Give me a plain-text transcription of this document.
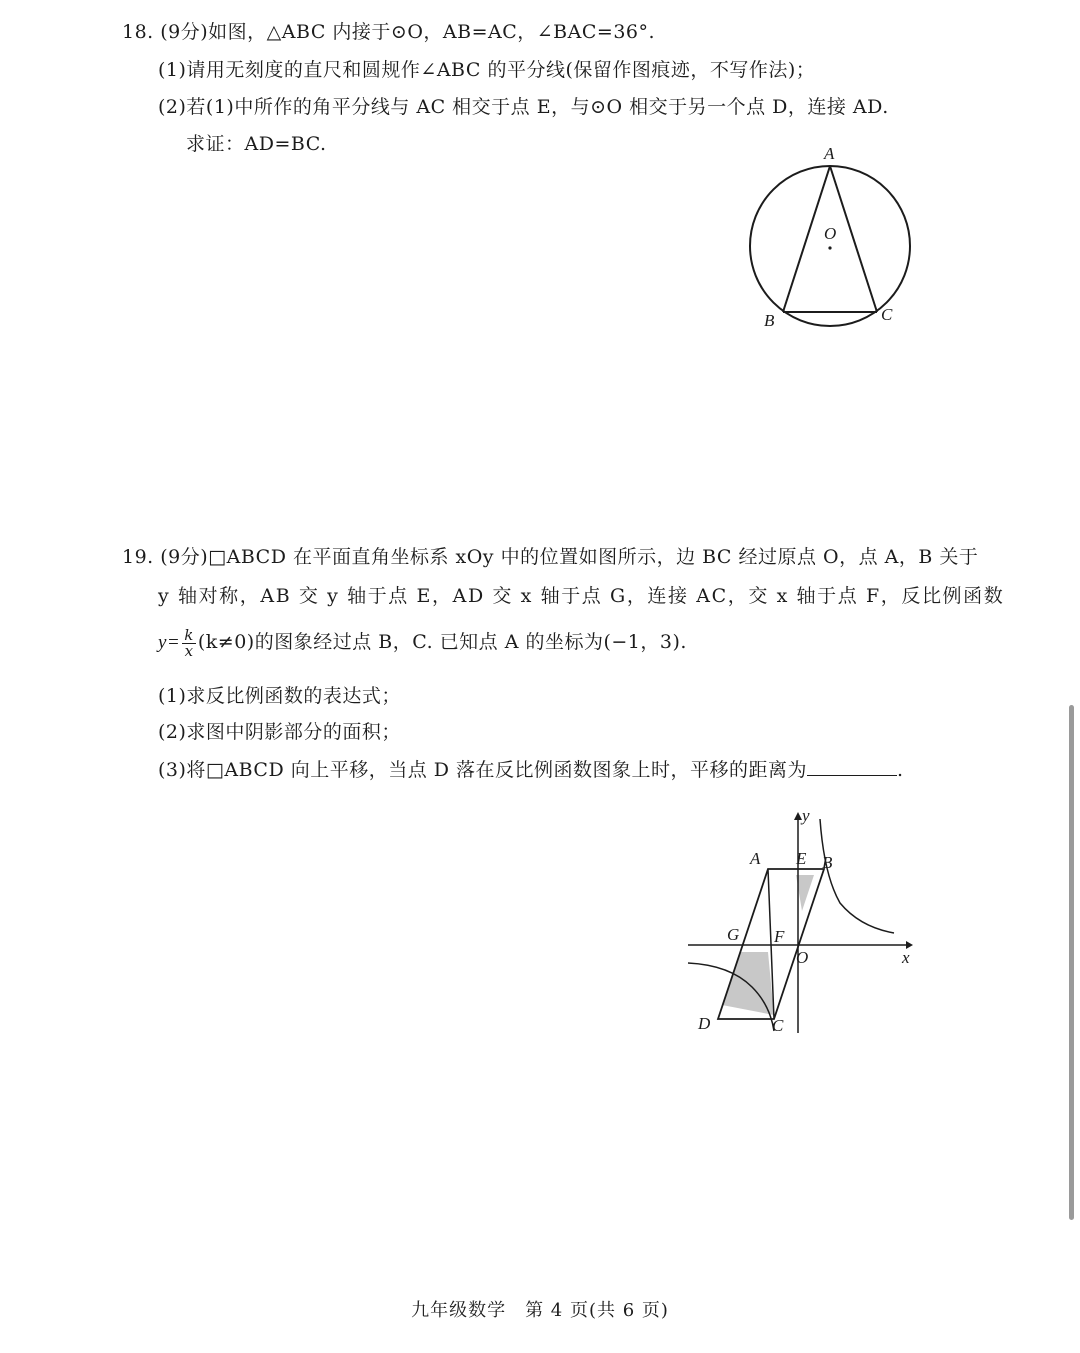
18. (9分)如图，△ABC 内接于⊙O，AB=AC，∠BAC=36°.
(1)请用无刻度的直尺和圆规作∠ABC 的平分线(保留作图痕迹，不写作法)；
(2)若(1)中所作的角平分线与 AC 相交于点 E，与⊙O 相交于另一个点 D，连接 AD.
求证：AD=BC.	A
O
B	C
19. (9分)□ABCD 在平面直角坐标系 xOy 中的位置如图所示，边 BC 经过原点 O，点 A，B 关于
y 轴对称，AB 交 y 轴于点 E，AD 交 x 轴于点 G，连接 AC，交 x 轴于点 F，反比例函数
$y= \frac{k}{x} (k\ne 0)$的图象经过点 B，C. 已知点 A 的坐标为(−1，3).
(1)求反比例函数的表达式；
(2)求图中阴影部分的面积；
(3)将□ABCD 向上平移，当点 D 落在反比例函数图象上时，平移的距离为	.
y
A E B
G F
O	x
D	C
九年级数学　第 4 页(共 6 页)
